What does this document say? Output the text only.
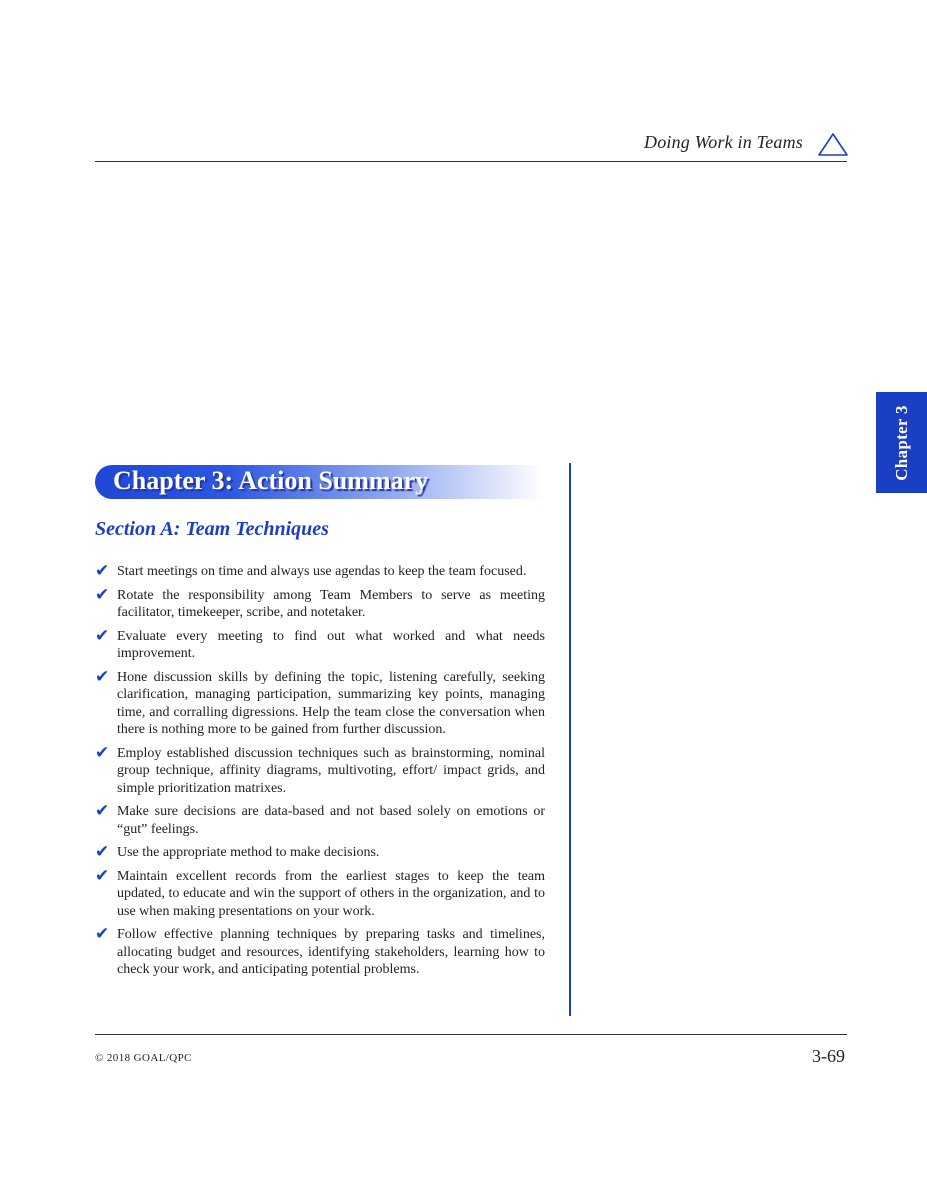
Doing Work in Teams
Chapter 3
Chapter 3: Action Summary
Section A: Team Techniques
✔ Start meetings on time and always use agendas to keep the team focused.
✔ Rotate the responsibility among Team Members to serve as meeting facilitator, timekeeper, scribe, and notetaker.
✔ Evaluate every meeting to find out what worked and what needs improvement.
✔ Hone discussion skills by defining the topic, listening carefully, seeking clarification, managing participation, summarizing key points, managing time, and corralling digressions. Help the team close the conversation when there is nothing more to be gained from further discussion.
✔ Employ established discussion techniques such as brainstorming, nominal group technique, affinity diagrams, multivoting, effort/ impact grids, and simple prioritization matrixes.
✔ Make sure decisions are data-based and not based solely on emotions or “gut” feelings.
✔ Use the appropriate method to make decisions.
✔ Maintain excellent records from the earliest stages to keep the team updated, to educate and win the support of others in the organization, and to use when making presentations on your work.
✔ Follow effective planning techniques by preparing tasks and timelines, allocating budget and resources, identifying stakeholders, learning how to check your work, and anticipating potential problems.
© 2018 GOAL/QPC	3-69
